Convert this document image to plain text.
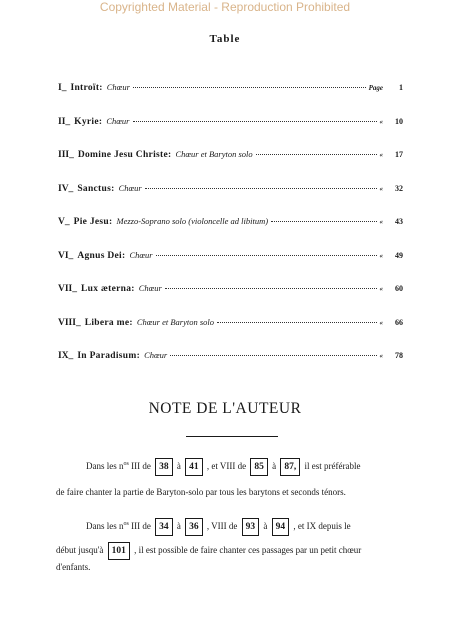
Copyrighted Material - Reproduction Prohibited
Table
I_ Introït: Chœur	Page	1
II_ Kyrie: Chœur	«	10
III_ Domine Jesu Christe: Chœur et Baryton solo	«	17
IV_ Sanctus: Chœur	«	32
V_ Pie Jesu: Mezzo-Soprano solo (violoncelle ad libitum)	«	43
VI_ Agnus Dei: Chœur	«	49
VII_ Lux æterna: Chœur	«	60
VIII_ Libera me: Chœur et Baryton solo	«	66
IX_ In Paradisum: Chœur	«	78
NOTE DE L'AUTEUR
Dans les $n^{os}$ III de 38 à 41 , et VIII de 85 à 87, il est préférable
de faire chanter la partie de Baryton-solo par tous les barytons et seconds ténors.
Dans les $n^{os}$ III de 34 à 36 , VIII de 93 à 94 , et IX depuis le
début jusqu'à 101 , il est possible de faire chanter ces passages par un petit chœur
d'enfants.
